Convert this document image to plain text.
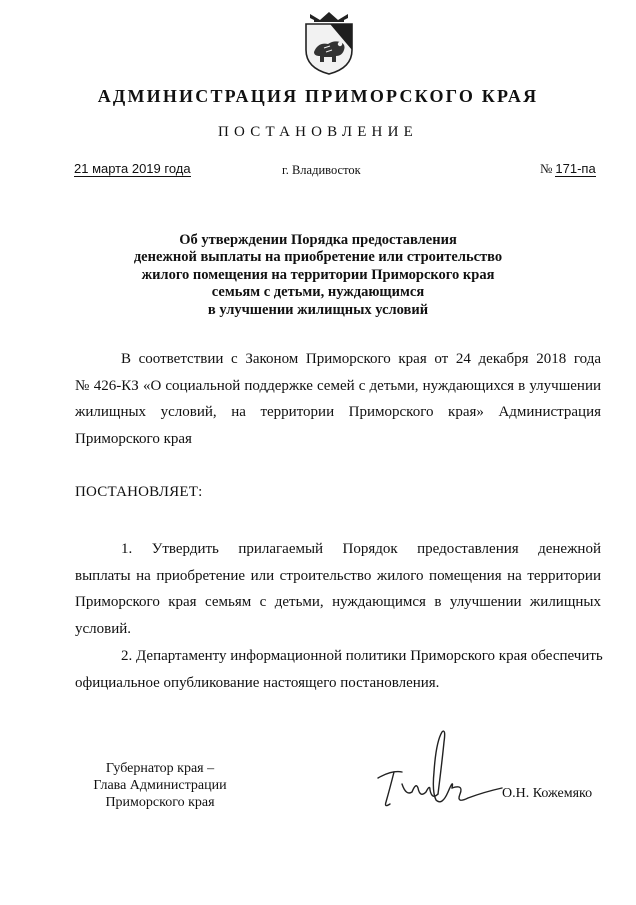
АДМИНИСТРАЦИЯ ПРИМОРСКОГО КРАЯ
ПОСТАНОВЛЕНИЕ
21 марта 2019 года	г. Владивосток	№ 171-па
Об утверждении Порядка предоставления
денежной выплаты на приобретение или строительство
жилого помещения на территории Приморского края
семьям с детьми, нуждающимся
в улучшении жилищных условий
В соответствии с Законом Приморского края от 24 декабря 2018 года
№ 426-КЗ «О социальной поддержке семей с детьми, нуждающихся в улучшении
жилищных условий, на территории Приморского края» Администрация
Приморского края
ПОСТАНОВЛЯЕТ:
1. Утвердить прилагаемый Порядок предоставления денежной
выплаты на приобретение или строительство жилого помещения на территории
Приморского края семьям с детьми, нуждающимся в улучшении жилищных
условий.
2. Департаменту информационной политики Приморского края обеспечить
официальное опубликование настоящего постановления.
Губернатор края –
Глава Администрации
Приморского края
О.Н. Кожемяко
